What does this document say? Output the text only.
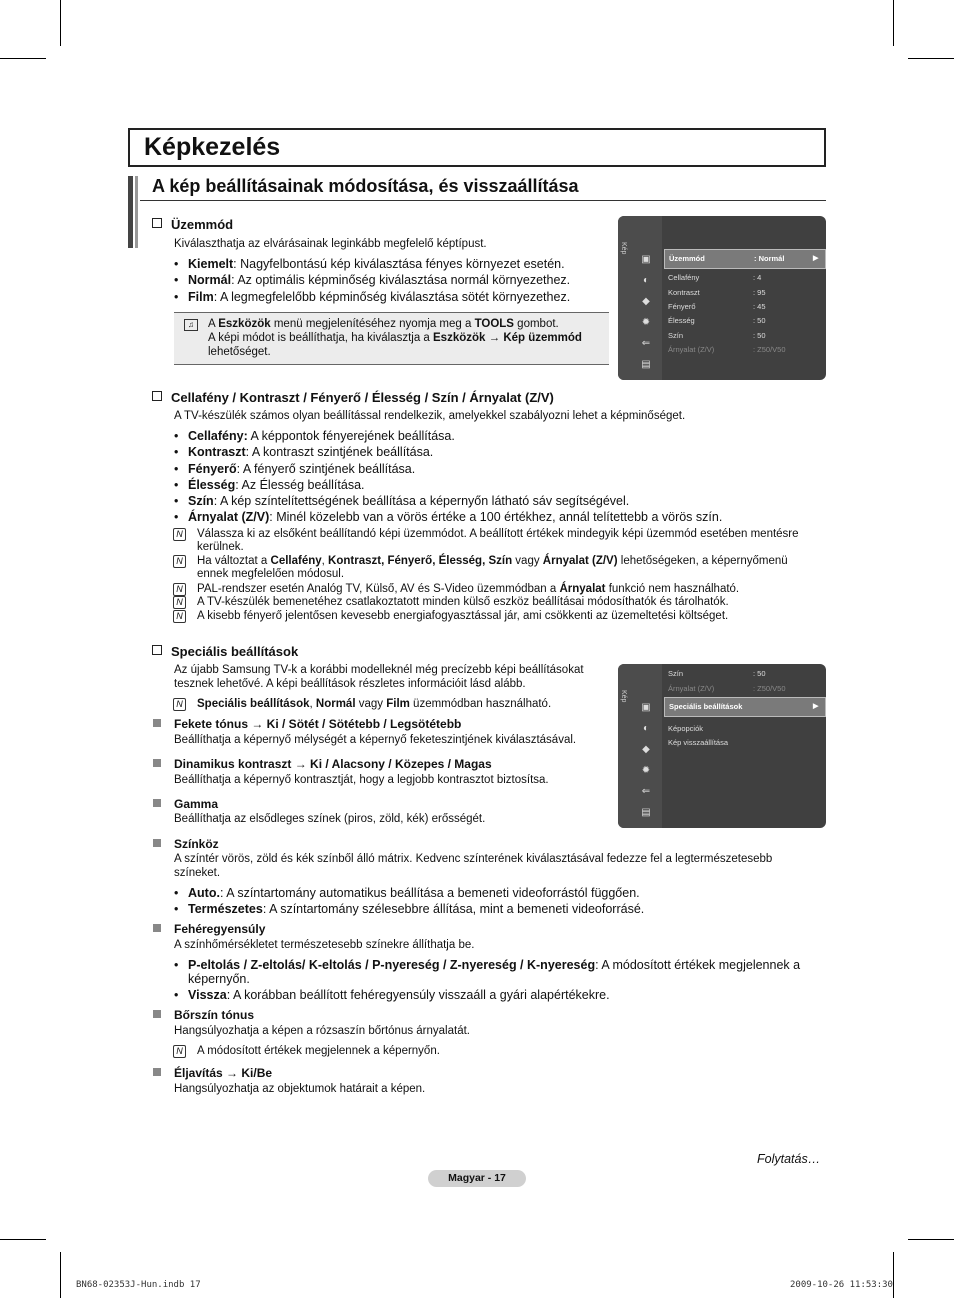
Képkezelés
A kép beállításainak módosítása, és visszaállítása
Üzemmód
Kiválaszthatja az elvárásainak leginkább megfelelő képtípust.
• Kiemelt: Nagyfelbontású kép kiválasztása fényes környezet esetén.
• Normál: Az optimális képminőség kiválasztása normál környezethez.
• Film: A legmegfelelőbb képminőség kiválasztása sötét környezethez.
♫	A Eszközök menü megjelenítéséhez nyomja meg a TOOLS gombot.
A képi módot is beállíthatja, ha kiválasztja a Eszközök → Kép üzemmód
lehetőséget.
Kép
▣
◐
◆
✹
⇐
▤
Üzemmód	: Normál	▶
Cellafény	: 4
Kontraszt	: 95
Fényerő	: 45
Élesség	: 50
Szín	: 50
Árnyalat (Z/V)	: Z50/V50
Cellafény / Kontraszt / Fényerő / Élesség / Szín / Árnyalat (Z/V)
A TV-készülék számos olyan beállítással rendelkezik, amelyekkel szabályozni lehet a képminőséget.
• Cellafény: A képpontok fényerejének beállítása.
• Kontraszt: A kontraszt szintjének beállítása.
• Fényerő: A fényerő szintjének beállítása.
• Élesség: Az Élesség beállítása.
• Szín: A kép színtelítettségének beállítása a képernyőn látható sáv segítségével.
• Árnyalat (Z/V): Minél közelebb van a vörös értéke a 100 értékhez, annál telítettebb a vörös szín.
N Válassza ki az elsőként beállítandó képi üzemmódot. A beállított értékek mindegyik képi üzemmód esetében mentésre
kerülnek.
N Ha változtat a Cellafény, Kontraszt, Fényerő, Élesség, Szín vagy Árnyalat (Z/V) lehetőségeken, a képernyőmenü
ennek megfelelően módosul.
N PAL-rendszer esetén Analóg TV, Külső, AV és S-Video üzemmódban a Árnyalat funkció nem használható.
N A TV-készülék bemenetéhez csatlakoztatott minden külső eszköz beállításai módosíthatók és tárolhatók.
N A kisebb fényerő jelentősen kevesebb energiafogyasztással jár, ami csökkenti az üzemeltetési költséget.
Speciális beállítások
Az újabb Samsung TV-k a korábbi modelleknél még precízebb képi beállításokat
tesznek lehetővé. A képi beállítások részletes információit lásd alább.
N Speciális beállítások, Normál vagy Film üzemmódban használható.
Fekete tónus → Ki / Sötét / Sötétebb / Legsötétebb
Beállíthatja a képernyő mélységét a képernyő feketeszintjének kiválasztásával.
Dinamikus kontraszt → Ki / Alacsony / Közepes / Magas
Beállíthatja a képernyő kontrasztját, hogy a legjobb kontrasztot biztosítsa.
Gamma
Beállíthatja az elsődleges színek (piros, zöld, kék) erősségét.
Színköz
A színtér vörös, zöld és kék színből álló mátrix. Kedvenc színterének kiválasztásával fedezze fel a legtermészetesebb
színeket.
• Auto.: A színtartomány automatikus beállítása a bemeneti videoforrástól függően.
• Természetes: A színtartomány szélesebbre állítása, mint a bemeneti videoforrásé.
Fehéregyensúly
A színhőmérsékletet természetesebb színekre állíthatja be.
• P-eltolás / Z-eltolás/ K-eltolás / P-nyereség / Z-nyereség / K-nyereség: A módosított értékek megjelennek a
képernyőn.
• Vissza: A korábban beállított fehéregyensúly visszaáll a gyári alapértékekre.
Bőrszín tónus
Hangsúlyozhatja a képen a rózsaszín bőrtónus árnyalatát.
N A módosított értékek megjelennek a képernyőn.
Éljavítás → Ki/Be
Hangsúlyozhatja az objektumok határait a képen.
Kép
▣
◐
◆
✹
⇐
▤
Szín	: 50
Árnyalat (Z/V)	: Z50/V50
Speciális beállítások	▶
Képopciók
Kép visszaállítása
Folytatás…
Magyar - 17
BN68-02353J-Hun.indb 17	2009-10-26 11:53:30
